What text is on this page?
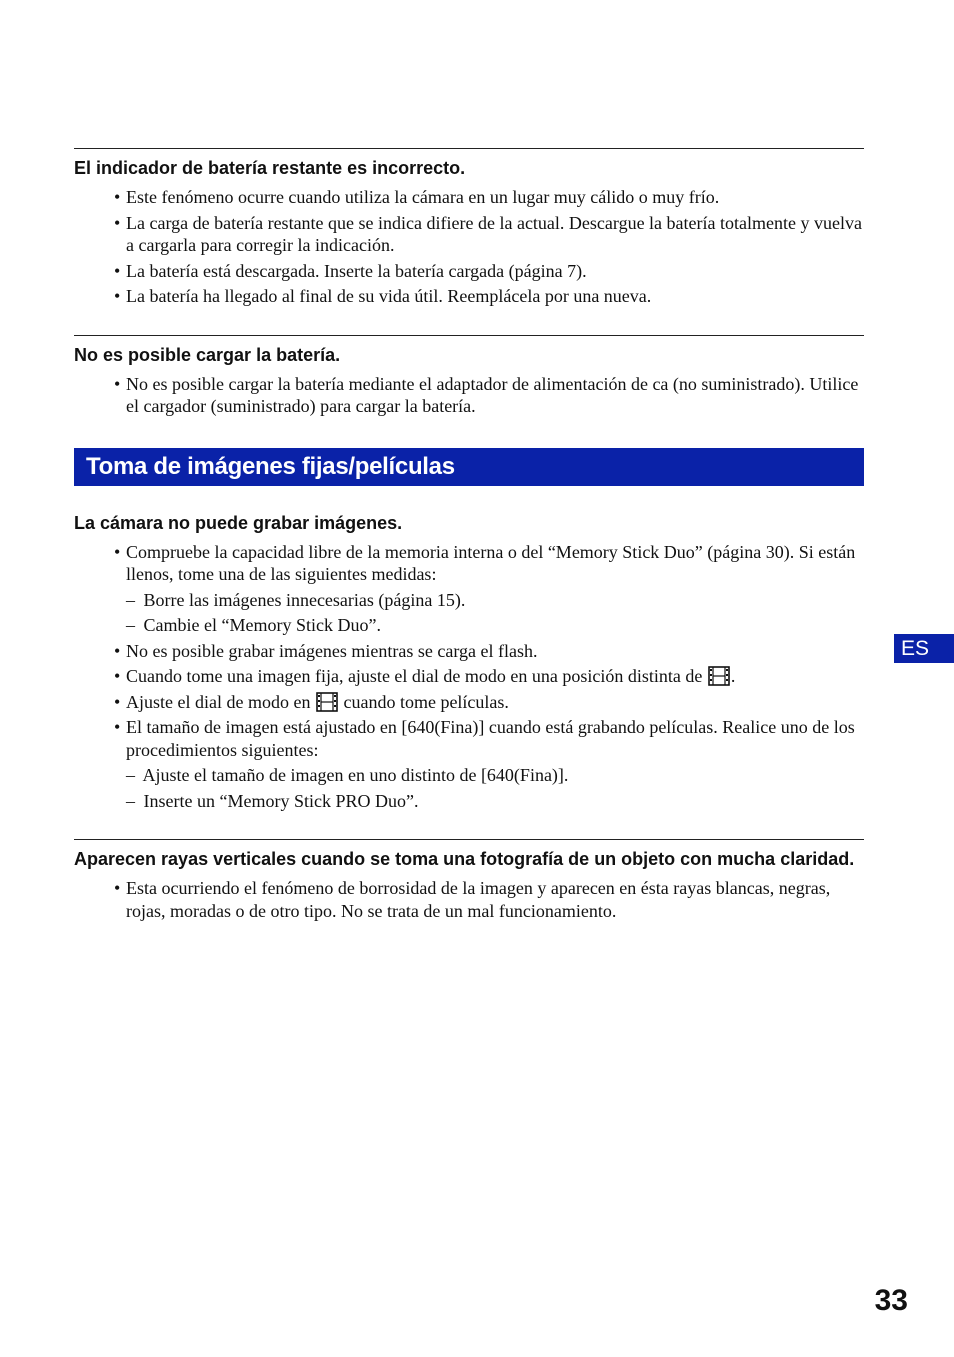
El indicador de batería restante es incorrecto.
• Este fenómeno ocurre cuando utiliza la cámara en un lugar muy cálido o muy frío.
• La carga de batería restante que se indica difiere de la actual. Descargue la batería totalmente y vuelva a cargarla para corregir la indicación.
• La batería está descargada. Inserte la batería cargada (página 7).
• La batería ha llegado al final de su vida útil. Reemplácela por una nueva.
No es posible cargar la batería.
• No es posible cargar la batería mediante el adaptador de alimentación de ca (no suministrado). Utilice el cargador (suministrado) para cargar la batería.
Toma de imágenes fijas/películas
La cámara no puede grabar imágenes.
• Compruebe la capacidad libre de la memoria interna o del “Memory Stick Duo” (página 30). Si están llenos, tome una de las siguientes medidas:
– Borre las imágenes innecesarias (página 15).
– Cambie el “Memory Stick Duo”.
• No es posible grabar imágenes mientras se carga el flash.
• Cuando tome una imagen fija, ajuste el dial de modo en una posición distinta de .
• Ajuste el dial de modo en cuando tome películas.
• El tamaño de imagen está ajustado en [640(Fina)] cuando está grabando películas. Realice uno de los procedimientos siguientes:
– Ajuste el tamaño de imagen en uno distinto de [640(Fina)].
– Inserte un “Memory Stick PRO Duo”.
Aparecen rayas verticales cuando se toma una fotografía de un objeto con mucha claridad.
• Esta ocurriendo el fenómeno de borrosidad de la imagen y aparecen en ésta rayas blancas, negras, rojas, moradas o de otro tipo. No se trata de un mal funcionamiento.
ES
33
